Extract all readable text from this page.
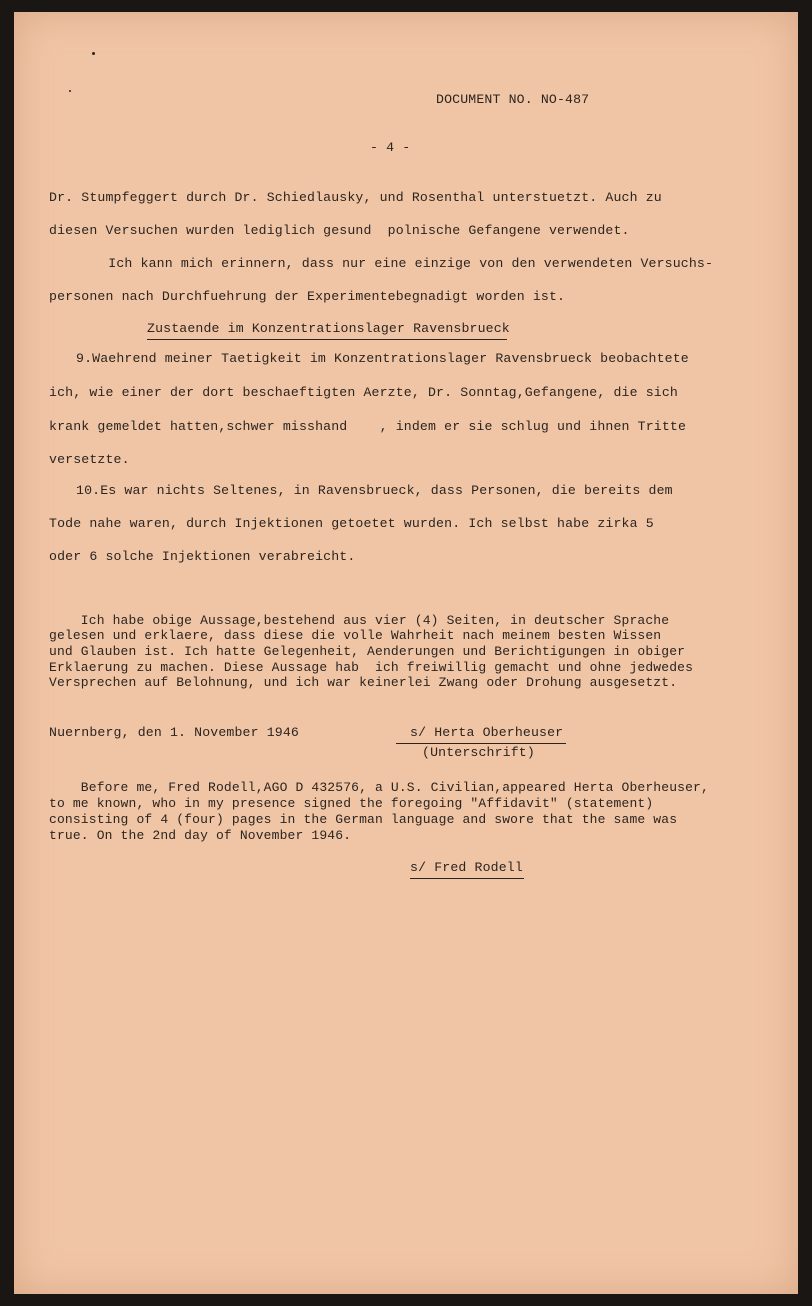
DOCUMENT NO. NO-487
- 4 -
Dr. Stumpfeggert durch Dr. Schiedlausky, und Rosenthal unterstuetzt. Auch zu
diesen Versuchen wurden lediglich gesund  polnische Gefangene verwendet.
Ich kann mich erinnern, dass nur eine einzige von den verwendeten Versuchs-
personen nach Durchfuehrung der Experimentebegnadigt worden ist.
Zustaende im Konzentrationslager Ravensbrueck
9.Waehrend meiner Taetigkeit im Konzentrationslager Ravensbrueck beobachtete
ich, wie einer der dort beschaeftigten Aerzte, Dr. Sonntag,Gefangene, die sich
krank gemeldet hatten,schwer misshand    , indem er sie schlug und ihnen Tritte
versetzte.
10.Es war nichts Seltenes, in Ravensbrueck, dass Personen, die bereits dem
Tode nahe waren, durch Injektionen getoetet wurden. Ich selbst habe zirka 5
oder 6 solche Injektionen verabreicht.
Ich habe obige Aussage,bestehend aus vier (4) Seiten, in deutscher Sprache
gelesen und erklaere, dass diese die volle Wahrheit nach meinem besten Wissen
und Glauben ist. Ich hatte Gelegenheit, Aenderungen und Berichtigungen in obiger
Erklaerung zu machen. Diese Aussage hab  ich freiwillig gemacht und ohne jedwedes
Versprechen auf Belohnung, und ich war keinerlei Zwang oder Drohung ausgesetzt.
Nuernberg, den 1. November 1946	s/ Herta Oberheuser
(Unterschrift)
Before me, Fred Rodell,AGO D 432576, a U.S. Civilian,appeared Herta Oberheuser,
to me known, who in my presence signed the foregoing "Affidavit" (statement)
consisting of 4 (four) pages in the German language and swore that the same was
true. On the 2nd day of November 1946.
s/ Fred Rodell
